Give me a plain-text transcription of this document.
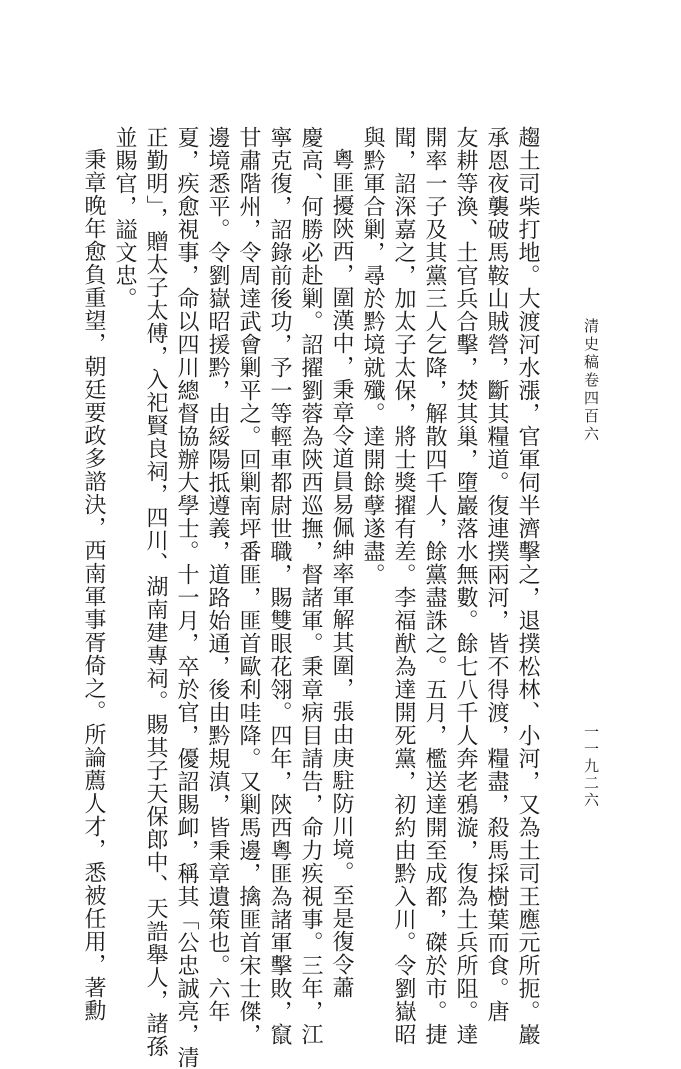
清史稿卷四百六
一一九二六
趨土司柴打地。大渡河水漲，官軍伺半濟擊之，退撲松林、小河，又為土司王應元所扼。巖
承恩夜襲破馬鞍山賊營，斷其糧道。復連撲兩河，皆不得渡，糧盡，殺馬採樹葉而食。唐
友耕等渙、土官兵合擊，焚其巢，墮巖落水無數。餘七八千人奔老鴉漩，復為土兵所阻。達
開率一子及其黨三人乞降，解散四千人，餘黨盡誅之。五月，檻送達開至成都，磔於市。捷
聞，詔深嘉之，加太子太保，將士獎擢有差。李福猷為達開死黨，初約由黔入川。令劉嶽昭
與黔軍合剿，尋於黔境就殲。達開餘孽遂盡。
粵匪擾陝西，圍漢中，秉章令道員易佩紳率軍解其圍，張由庚駐防川境。至是復令蕭
慶高、何勝必赴剿。詔擢劉蓉為陝西巡撫，督諸軍。秉章病目請告，命力疾視事。三年，江
寧克復，詔錄前後功，予一等輕車都尉世職，賜雙眼花翎。四年，陝西粵匪為諸軍擊敗，竄
甘肅階州，令周達武會剿平之。回剿南坪番匪，匪首歐利哇降。又剿馬邊，擒匪首宋士傑，
邊境悉平。令劉嶽昭援黔，由綏陽抵遵義，道路始通，後由黔規滇，皆秉章遺策也。六年
夏，疾愈視事，命以四川總督協辦大學士。十一月，卒於官，優詔賜卹，稱其「公忠誠亮，清
正勤明」，贈太子太傅，入祀賢良祠，四川、湖南建專祠。賜其子天保郎中、天誥舉人，諸孫
並賜官，謚文忠。
秉章晚年愈負重望，朝廷要政多諮決，西南軍事胥倚之。所論薦人才，悉被任用，著勳
